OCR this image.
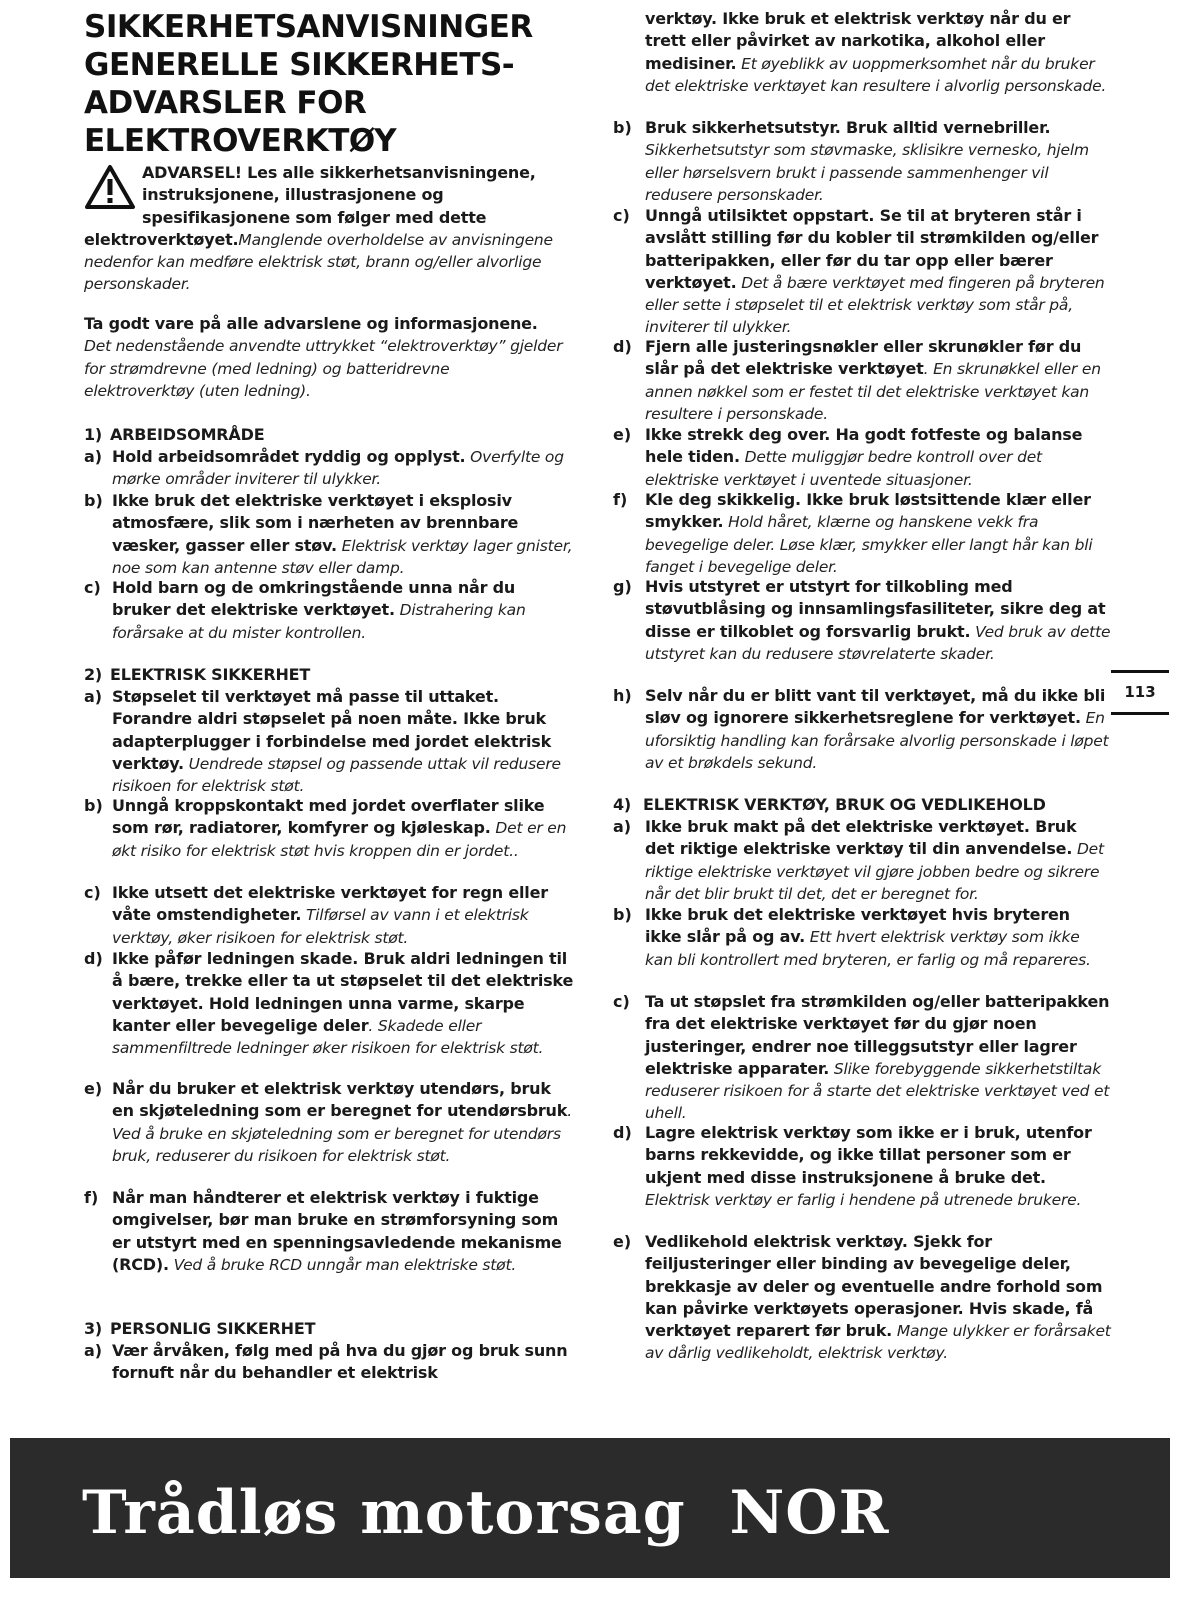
SIKKERHETSANVISNINGER
GENERELLE SIKKERHETS-
ADVARSLER FOR
ELEKTROVERKTØY
ADVARSEL! Les alle sikkerhetsanvisningene, instruksjonene, illustrasjonene og spesifikasjonene som følger med dette elektroverktøyet.Manglende overholdelse av anvisningene nedenfor kan medføre elektrisk støt, brann og/eller alvorlige personskader.
Ta godt vare på alle advarslene og informasjonene.
Det nedenstående anvendte uttrykket “elektroverktøy” gjelder for strømdrevne (med ledning) og batteridrevne elektroverktøy (uten ledning).
1) ARBEIDSOMRÅDE
a) Hold arbeidsområdet ryddig og opplyst. Overfylte og mørke områder inviterer til ulykker.
b) Ikke bruk det elektriske verktøyet i eksplosiv atmosfære, slik som i nærheten av brennbare væsker, gasser eller støv. Elektrisk verktøy lager gnister, noe som kan antenne støv eller damp.
c) Hold barn og de omkringstående unna når du bruker det elektriske verktøyet. Distrahering kan forårsake at du mister kontrollen.
2) ELEKTRISK SIKKERHET
a) Støpselet til verktøyet må passe til uttaket. Forandre aldri støpselet på noen måte. Ikke bruk adapterplugger i forbindelse med jordet elektrisk verktøy. Uendrede støpsel og passende uttak vil redusere risikoen for elektrisk støt.
b) Unngå kroppskontakt med jordet overflater slike som rør, radiatorer, komfyrer og kjøleskap. Det er en økt risiko for elektrisk støt hvis kroppen din er jordet..
c) Ikke utsett det elektriske verktøyet for regn eller våte omstendigheter. Tilførsel av vann i et elektrisk verktøy, øker risikoen for elektrisk støt.
d) Ikke påfør ledningen skade. Bruk aldri ledningen til å bære, trekke eller ta ut støpselet til det elektriske verktøyet. Hold ledningen unna varme, skarpe kanter eller bevegelige deler. Skadede eller sammenfiltrede ledninger øker risikoen for elektrisk støt.
e) Når du bruker et elektrisk verktøy utendørs, bruk en skjøteledning som er beregnet for utendørsbruk. Ved å bruke en skjøteledning som er beregnet for utendørs bruk, reduserer du risikoen for elektrisk støt.
f) Når man håndterer et elektrisk verktøy i fuktige omgivelser, bør man bruke en strømforsyning som er utstyrt med en spenningsavledende mekanisme (RCD). Ved å bruke RCD unngår man elektriske støt.
3) PERSONLIG SIKKERHET
a) Vær årvåken, følg med på hva du gjør og bruk sunn fornuft når du behandler et elektrisk
verktøy. Ikke bruk et elektrisk verktøy når du er trett eller påvirket av narkotika, alkohol eller medisiner. Et øyeblikk av uoppmerksomhet når du bruker det elektriske verktøyet kan resultere i alvorlig personskade.
b) Bruk sikkerhetsutstyr. Bruk alltid vernebriller. Sikkerhetsutstyr som støvmaske, sklisikre vernesko, hjelm eller hørselsvern brukt i passende sammenhenger vil redusere personskader.
c) Unngå utilsiktet oppstart. Se til at bryteren står i avslått stilling før du kobler til strømkilden og/eller batteripakken, eller før du tar opp eller bærer verktøyet. Det å bære verktøyet med fingeren på bryteren eller sette i støpselet til et elektrisk verktøy som står på, inviterer til ulykker.
d) Fjern alle justeringsnøkler eller skrunøkler før du slår på det elektriske verktøyet. En skrunøkkel eller en annen nøkkel som er festet til det elektriske verktøyet kan resultere i personskade.
e) Ikke strekk deg over. Ha godt fotfeste og balanse hele tiden. Dette muliggjør bedre kontroll over det elektriske verktøyet i uventede situasjoner.
f) Kle deg skikkelig. Ikke bruk løstsittende klær eller smykker. Hold håret, klærne og hanskene vekk fra bevegelige deler. Løse klær, smykker eller langt hår kan bli fanget i bevegelige deler.
g) Hvis utstyret er utstyrt for tilkobling med støvutblåsing og innsamlingsfasiliteter, sikre deg at disse er tilkoblet og forsvarlig brukt. Ved bruk av dette utstyret kan du redusere støvrelaterte skader.
h) Selv når du er blitt vant til verktøyet, må du ikke bli sløv og ignorere sikkerhetsreglene for verktøyet. En uforsiktig handling kan forårsake alvorlig personskade i løpet av et brøkdels sekund.
4) ELEKTRISK VERKTØY, BRUK OG VEDLIKEHOLD
a) Ikke bruk makt på det elektriske verktøyet. Bruk det riktige elektriske verktøy til din anvendelse. Det riktige elektriske verktøyet vil gjøre jobben bedre og sikrere når det blir brukt til det, det er beregnet for.
b) Ikke bruk det elektriske verktøyet hvis bryteren ikke slår på og av. Ett hvert elektrisk verktøy som ikke kan bli kontrollert med bryteren, er farlig og må repareres.
c) Ta ut støpslet fra strømkilden og/eller batteripakken fra det elektriske verktøyet før du gjør noen justeringer, endrer noe tilleggsutstyr eller lagrer elektriske apparater. Slike forebyggende sikkerhetstiltak reduserer risikoen for å starte det elektriske verktøyet ved et uhell.
d) Lagre elektrisk verktøy som ikke er i bruk, utenfor barns rekkevidde, og ikke tillat personer som er ukjent med disse instruksjonene å bruke det. Elektrisk verktøy er farlig i hendene på utrenede brukere.
e) Vedlikehold elektrisk verktøy. Sjekk for feiljusteringer eller binding av bevegelige deler, brekkasje av deler og eventuelle andre forhold som kan påvirke verktøyets operasjoner. Hvis skade, få verktøyet reparert før bruk. Mange ulykker er forårsaket av dårlig vedlikeholdt, elektrisk verktøy.
113
Trådløs motorsag NOR
